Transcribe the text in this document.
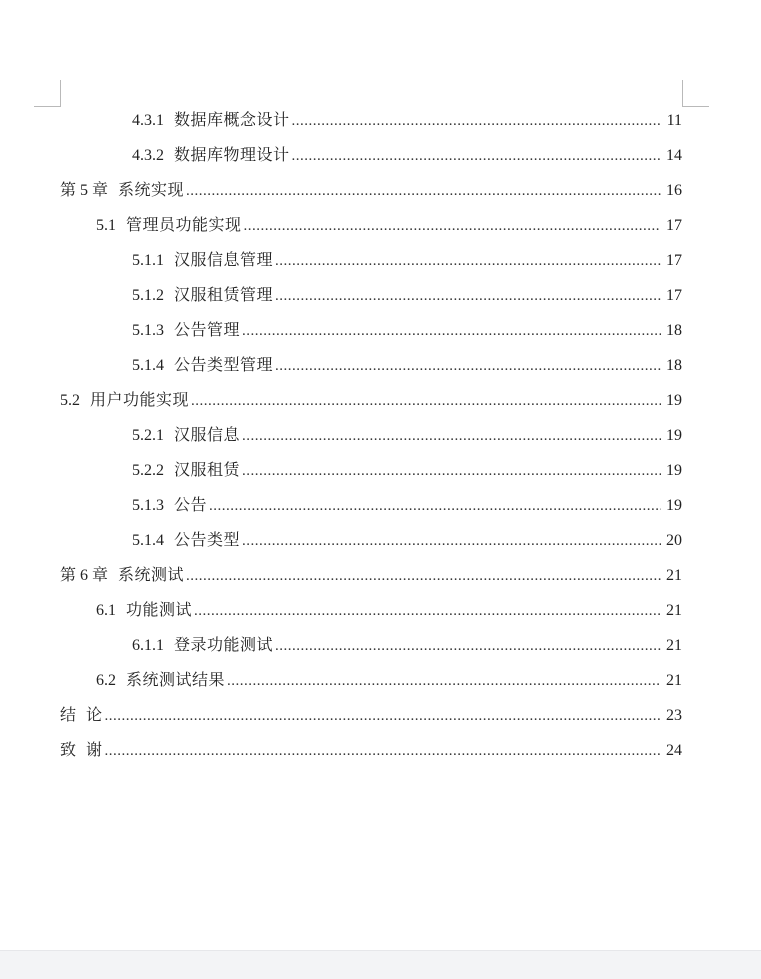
4.3.1 数据库概念设计 .....	11
4.3.2 数据库物理设计 .....	14
第 5 章 系统实现 .....	16
5.1 管理员功能实现 .....	17
5.1.1 汉服信息管理 .....	17
5.1.2 汉服租赁管理 .....	17
5.1.3 公告管理 .....	18
5.1.4 公告类型管理 .....	18
5.2 用户功能实现 .....	19
5.2.1 汉服信息 .....	19
5.2.2 汉服租赁 .....	19
5.1.3 公告 .....	19
5.1.4 公告类型 .....	20
第 6 章 系统测试 .....	21
6.1 功能测试 .....	21
6.1.1 登录功能测试 .....	21
6.2 系统测试结果 .....	21
结 论 .....	23
致 谢 .....	24
